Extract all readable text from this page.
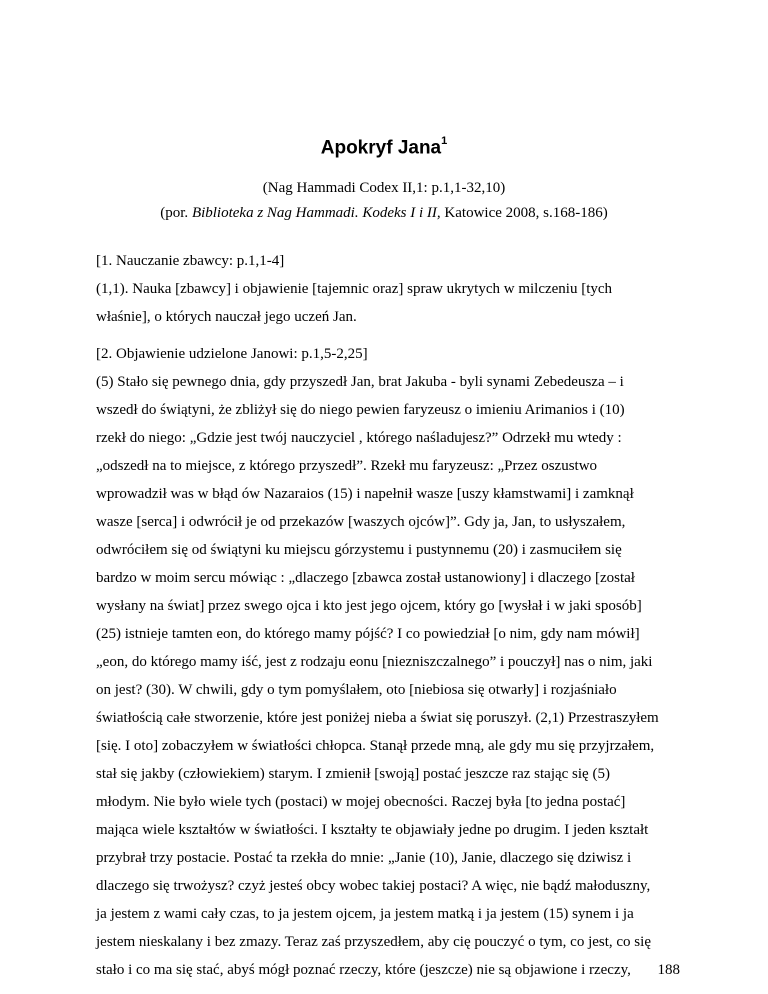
Apokryf Jana$^1$
(Nag Hammadi Codex II,1: p.1,1-32,10)
(por. Biblioteka z Nag Hammadi. Kodeks I i II, Katowice 2008, s.168-186)
[1. Nauczanie zbawcy: p.1,1-4]
(1,1). Nauka [zbawcy] i objawienie [tajemnic oraz] spraw ukrytych w milczeniu [tych
właśnie], o których nauczał jego uczeń Jan.
[2. Objawienie udzielone Janowi: p.1,5-2,25]
(5) Stało się pewnego dnia, gdy przyszedł Jan, brat Jakuba - byli synami Zebedeusza – i
wszedł do świątyni, że zbliżył się do niego pewien faryzeusz o imieniu Arimanios i (10)
rzekł do niego: „Gdzie jest twój nauczyciel , którego naśladujesz?” Odrzekł mu wtedy :
„odszedł na to miejsce, z którego przyszedł”. Rzekł mu faryzeusz: „Przez oszustwo
wprowadził was w błąd ów Nazaraios (15) i napełnił wasze [uszy kłamstwami] i zamknął
wasze [serca] i odwrócił je od przekazów [waszych ojców]”. Gdy ja, Jan, to usłyszałem,
odwróciłem się od świątyni ku miejscu górzystemu i pustynnemu (20) i zasmuciłem się
bardzo w moim sercu mówiąc : „dlaczego [zbawca został ustanowiony] i dlaczego [został
wysłany na świat] przez swego ojca i kto jest jego ojcem, który go [wysłał i w jaki sposób]
(25) istnieje tamten eon, do którego mamy pójść? I co powiedział [o nim, gdy nam mówił]
„eon, do którego mamy iść, jest z rodzaju eonu [niezniszczalnego” i pouczył] nas o nim, jaki
on jest? (30). W chwili, gdy o tym pomyślałem, oto [niebiosa się otwarły] i rozjaśniało
światłością całe stworzenie, które jest poniżej nieba a świat się poruszył. (2,1) Przestraszyłem
[się. I oto] zobaczyłem w światłości chłopca. Stanął przede mną, ale gdy mu się przyjrzałem,
stał się jakby (człowiekiem) starym. I zmienił [swoją] postać jeszcze raz stając się (5)
młodym. Nie było wiele tych (postaci) w mojej obecności. Raczej była [to jedna postać]
mająca wiele kształtów w światłości. I kształty te objawiały jedne po drugim. I jeden kształt
przybrał trzy postacie. Postać ta rzekła do mnie: „Janie (10), Janie, dlaczego się dziwisz i
dlaczego się trwożysz? czyż jesteś obcy wobec takiej postaci? A więc, nie bądź małoduszny,
ja jestem z wami cały czas, to ja jestem ojcem, ja jestem matką i ja jestem (15) synem i ja
jestem nieskalany i bez zmazy. Teraz zaś przyszedłem, aby cię pouczyć o tym, co jest, co się
stało i co ma się stać, abyś mógł poznać rzeczy, które (jeszcze) nie są objawione i rzeczy,	188
